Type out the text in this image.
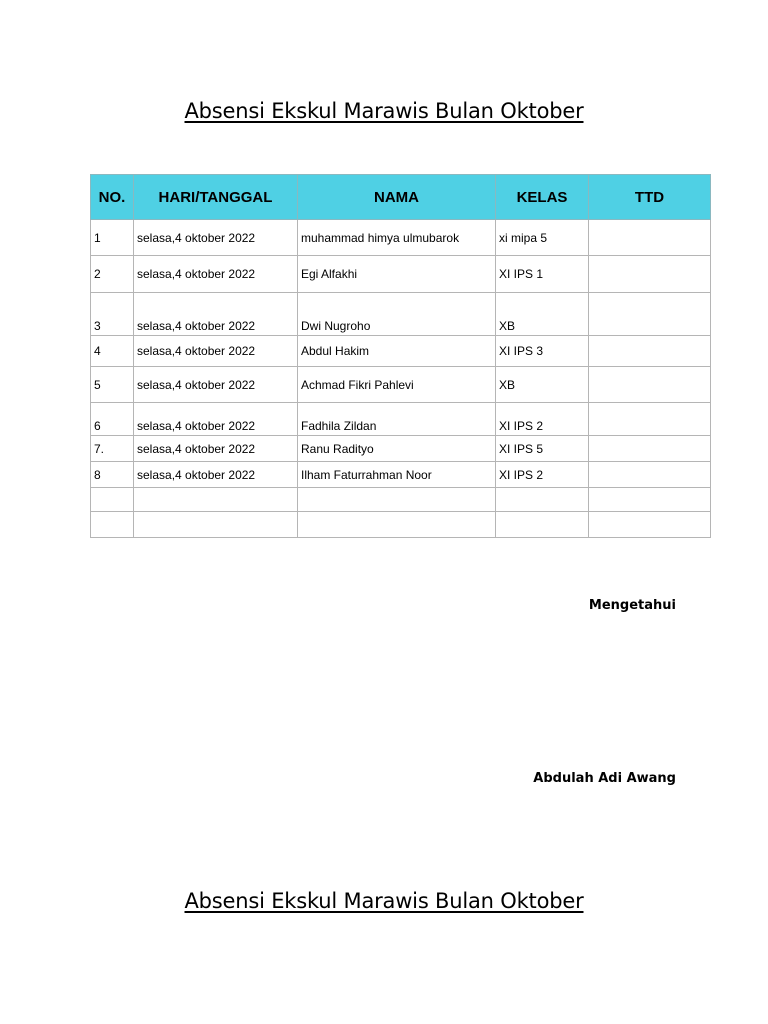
Absensi Ekskul Marawis Bulan Oktober
NO.	HARI/TANGGAL	NAMA	KELAS	TTD
1	selasa,4 oktober 2022	muhammad himya ulmubarok	xi mipa 5	
2	selasa,4 oktober 2022	Egi Alfakhi	XI IPS 1	
3	selasa,4 oktober 2022	Dwi Nugroho	XB	
4	selasa,4 oktober 2022	Abdul Hakim	XI IPS 3	
5	selasa,4 oktober 2022	Achmad Fikri Pahlevi	XB	
6	selasa,4 oktober 2022	Fadhila Zildan	XI IPS 2	
7.	selasa,4 oktober 2022	Ranu Radityo	XI IPS 5	
8	selasa,4 oktober 2022	Ilham Faturrahman Noor	XI IPS 2	

Mengetahui
Abdulah Adi Awang
Absensi Ekskul Marawis Bulan Oktober
